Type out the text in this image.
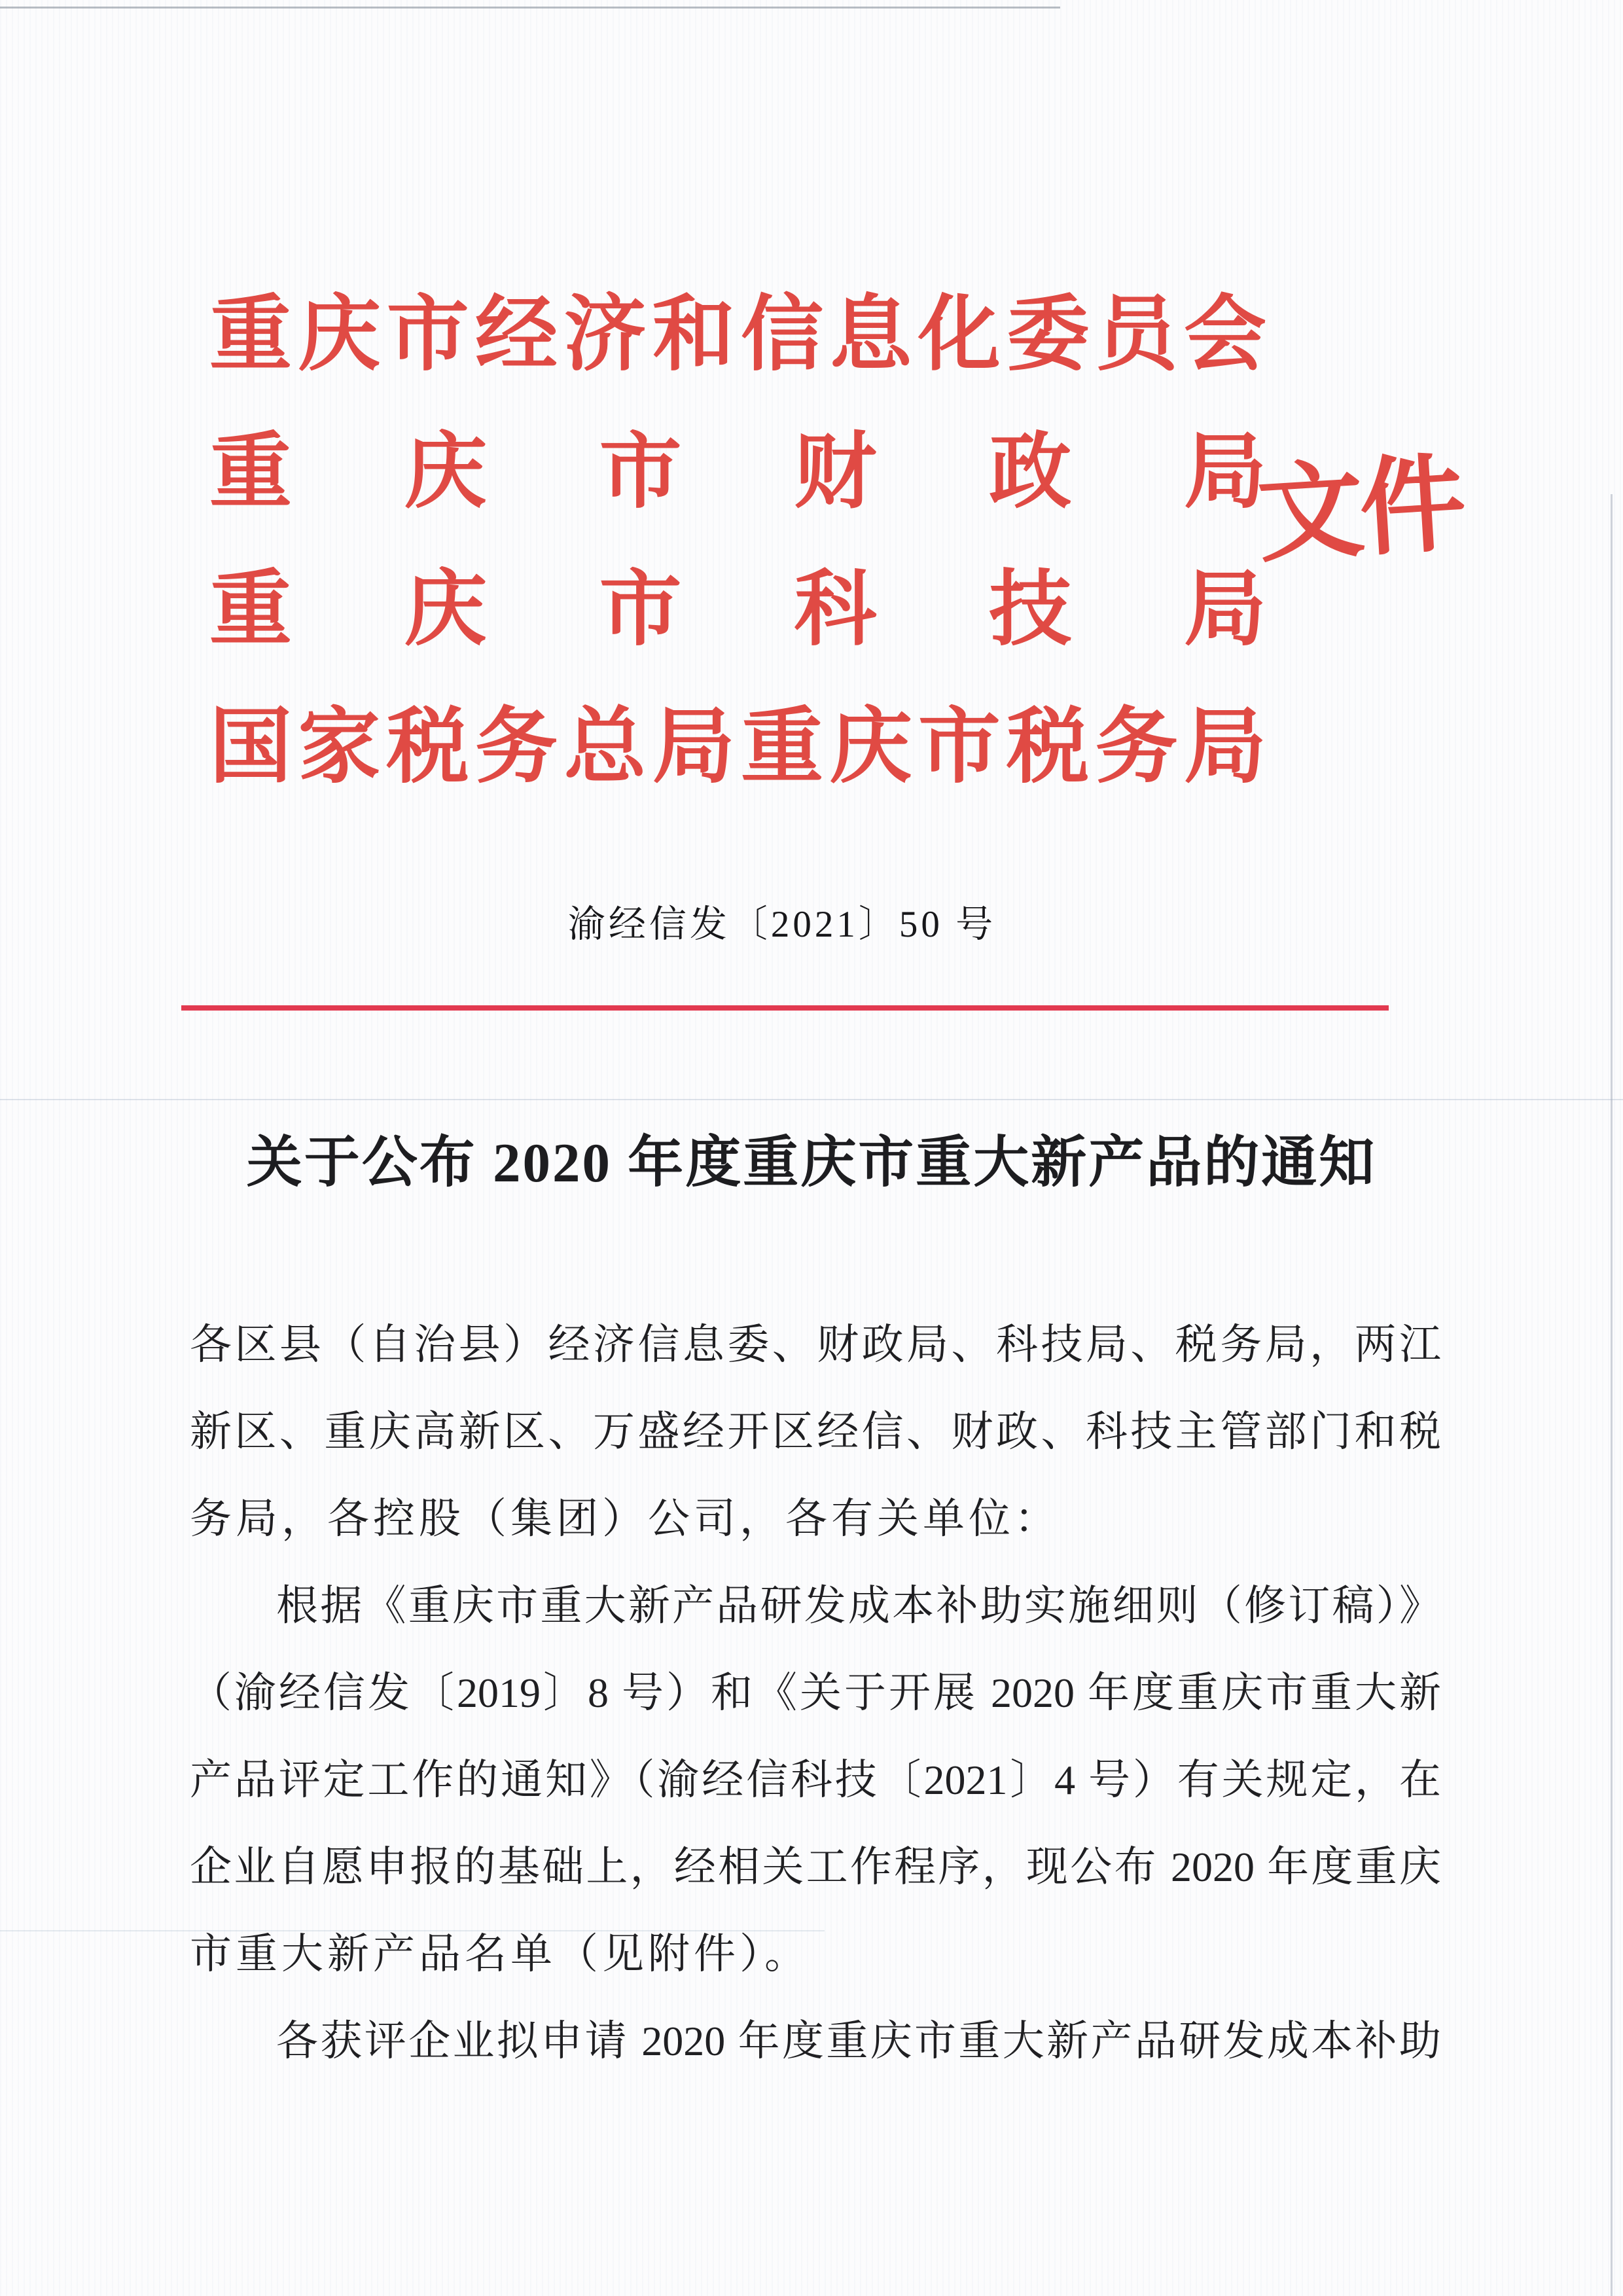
重庆市经济和信息化委员会
重庆市财政局
重庆市科技局
国家税务总局重庆市税务局
文件
渝经信发〔2021〕50 号
关于公布 2020 年度重庆市重大新产品的通知
各区县（自治县）经济信息委、财政局、科技局、税务局，两江
新区、重庆高新区、万盛经开区经信、财政、科技主管部门和税
务局，各控股（集团）公司，各有关单位：
根据《重庆市重大新产品研发成本补助实施细则（修订稿）》
（渝经信发〔2019〕8 号）和《关于开展 2020 年度重庆市重大新
产品评定工作的通知》（渝经信科技〔2021〕4 号）有关规定，在
企业自愿申报的基础上，经相关工作程序，现公布 2020 年度重庆
市重大新产品名单（见附件）。
各获评企业拟申请 2020 年度重庆市重大新产品研发成本补助
